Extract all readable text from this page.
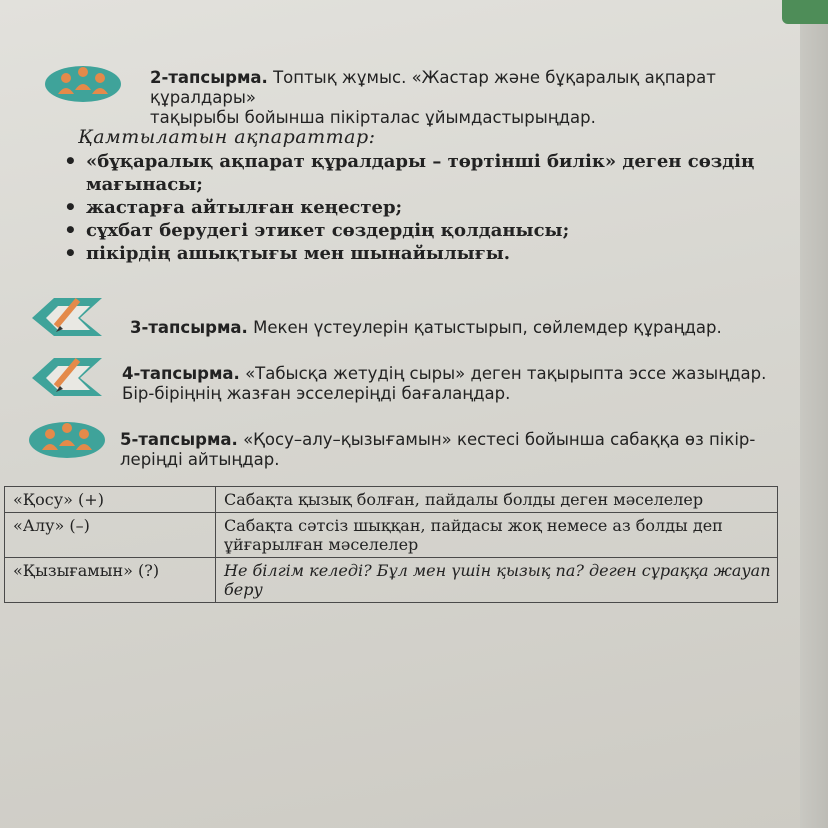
2-тапсырма. Топтық жұмыс. «Жастар және бұқаралық ақпарат құралдары»
тақырыбы бойынша пікірталас ұйымдастырыңдар.
Қамтылатын ақпараттар:
• «бұқаралық ақпарат құралдары – төртінші билік» деген сөздің мағынасы;
• жастарға айтылған кеңестер;
• сұхбат берудегі этикет сөздердің қолданысы;
• пікірдің ашықтығы мен шынайылығы.
3-тапсырма. Мекен үстеулерін қатыстырып, сөйлемдер құраңдар.
4-тапсырма. «Табысқа жетудің сыры» деген тақырыпта эссе жазыңдар.
Бір-біріңнің жазған эсселеріңді бағалаңдар.
5-тапсырма. «Қосу–алу–қызығамын» кестесі бойынша сабаққа өз пікір-
леріңді айтыңдар.
«Қосу» (+)	Сабақта қызық болған, пайдалы болды деген мәселелер
«Алу» (–)	Сабақта сәтсіз шыққан, пайдасы жоқ немесе аз болды деп ұйғарылған мәселелер
«Қызығамын» (?)	Не білгім келеді? Бұл мен үшін қызық па? деген сұраққа жауап беру
